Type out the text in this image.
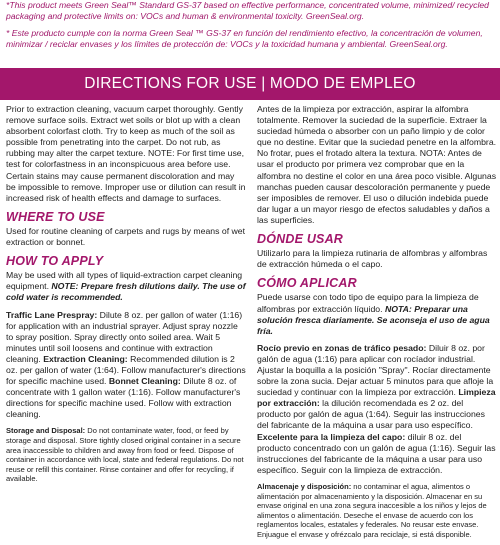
*This product meets Green Seal™ Standard GS-37 based on effective performance, concentrated volume, minimized/ recycled packaging and protective limits on: VOCs and human & environmental toxicity. GreenSeal.org.

* Este producto cumple con la norma Green Seal ™ GS-37 en función del rendimiento efectivo, la concentración de volumen, minimizar / reciclar envases y los límites de protección de: VOCs y la toxicidad humana y ambiental. GreenSeal.org.

DIRECTIONS FOR USE | MODO DE EMPLEO

Prior to extraction cleaning, vacuum carpet thoroughly. Gently remove surface soils. Extract wet soils or blot up with a clean absorbent colorfast cloth. Try to keep as much of the soil as possible from penetrating into the carpet. Do not rub, as rubbing may alter the carpet texture. NOTE: For first time use, test for colorfastness in an inconspicuous area before use. Certain stains may cause permanent discoloration and may be impossible to remove. Improper use or dilution can result in increased risk of health effects and damage to surfaces.

WHERE TO USE

Used for routine cleaning of carpets and rugs by means of wet extraction or bonnet.

HOW TO APPLY

May be used with all types of liquid-extraction carpet cleaning equipment. NOTE: Prepare fresh dilutions daily. The use of cold water is recommended.

Traffic Lane Prespray: Dilute 8 oz. per gallon of water (1:16) for application with an industrial sprayer. Adjust spray nozzle to spray position. Spray directly onto soiled area. Wait 5 minutes until soil loosens and continue with extraction cleaning. Extraction Cleaning: Recommended dilution is 2 oz. per gallon of water (1:64). Follow manufacturer's directions for specific machine used. Bonnet Cleaning: Dilute 8 oz. of concentrate with 1 gallon water (1:16). Follow manufacturer's directions for specific machine used. Follow with extraction cleaning.

Storage and Disposal: Do not contaminate water, food, or feed by storage and disposal. Store tightly closed original container in a secure area inaccessible to children and away from food or feed. Dispose of container in accordance with local, state and federal regulations. Do not reuse or refill this container. Rinse container and offer for recycling, if available.

Antes de la limpieza por extracción, aspirar la alfombra totalmente. Remover la suciedad de la superficie. Extraer la suciedad húmeda o absorber con un paño limpio y de color que no destine. Evitar que la suciedad penetre en la alfombra. No frotar, pues el frotado altera la textura. NOTA: Antes de usar el producto por primera vez comprobar que en la alfombra no destine el color en una área poco visible. Algunas manchas pueden causar descoloración permanente y puede ser imposibles de remover. El uso o dilución indebida puede dar lugar a un mayor riesgo de efectos saludables y daños a las superficies.

DÓNDE USAR

Utilizarlo para la limpieza rutinaria de alfombras y alfombras de extracción húmeda o el capo.

CÓMO APLICAR

Puede usarse con todo tipo de equipo para la limpieza de alfombras por extracción líquido. NOTA: Preparar una solución fresca diariamente. Se aconseja el uso de agua fría.

Rocío previo en zonas de tráfico pesado: Diluir 8 oz. por galón de agua (1:16) para aplicar con rocíador industrial. Ajustar la boquilla a la posición "Spray". Rocíar directamente sobre la zona sucia. Dejar actuar 5 minutos para que afloje la suciedad y continuar con la limpieza por extracción. Limpieza por extracción: la dilución recomendada es 2 oz. del producto por galón de agua (1:64). Seguir las instrucciones del fabricante de la máquina a usar para uso específico. Excelente para la limpieza del capo: diluir 8 oz. del producto concentrado con un galón de agua (1:16). Seguir las instrucciones del fabricante de la máquina a usar para uso específico. Seguir con la limpieza de extracción.

Almacenaje y disposición: no contaminar el agua, alimentos o alimentación por almacenamiento y la disposición. Almacenar en su envase original en una zona segura inaccesible a los niños y lejos de alimentos o alimentación. Deseche el envase de acuerdo con los reglamentos locales, estatales y federales. No reusar este envase. Enjuague el envase y ofrézcalo para reciclaje, si está disponible.
